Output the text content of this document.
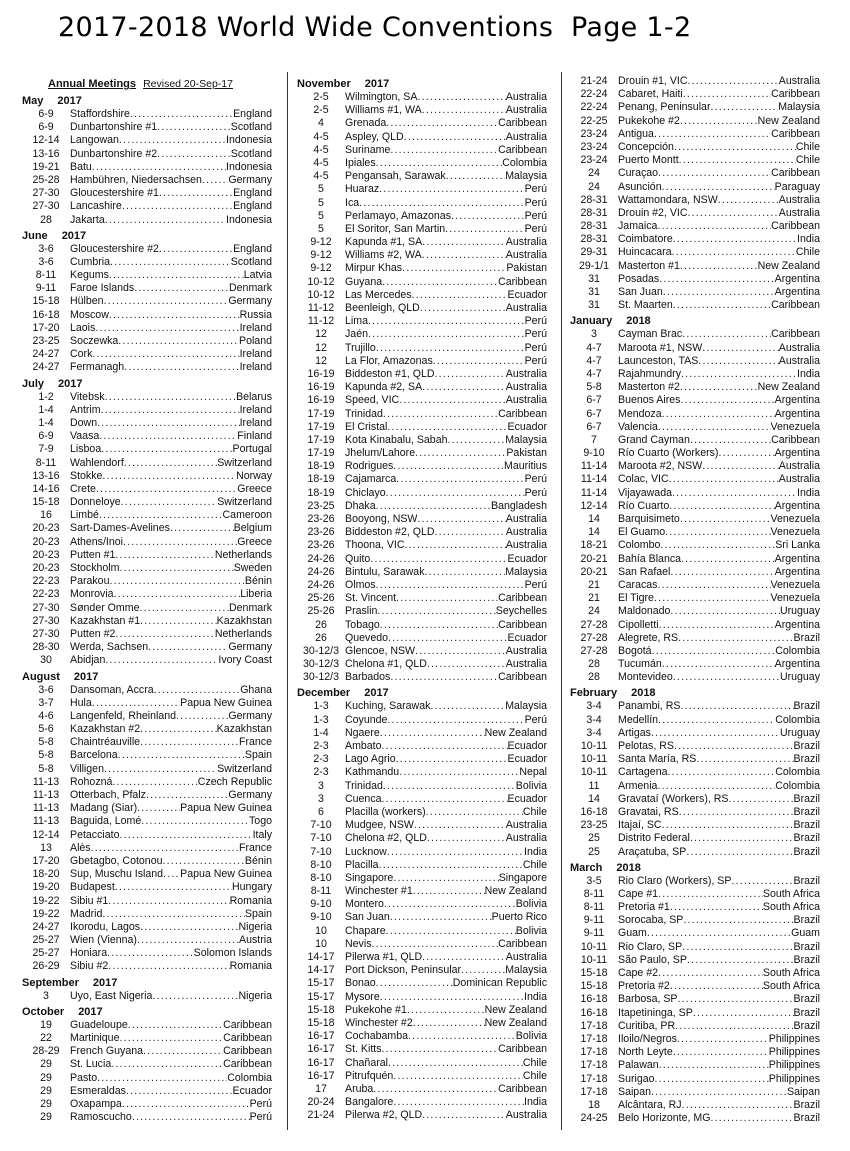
2017-2018 World Wide Conventions  Page 1-2
Annual Meetings Revised 20-Sep-17
May 2017
6-9	Staffordshire .....	England
6-9	Dunbartonshire #1 .....	Scotland
12-14 Langowan .....	Indonesia
13-16 Dunbartonshire #2 .....	Scotland
19-21 Batu .....	Indonesia
25-28 Hambühren, Niedersachsen .....	Germany
27-30 Gloucestershire #1 .....	England
27-30 Lancashire .....	England
28	Jakarta .....	Indonesia
June 2017
3-6	Gloucestershire #2 .....	England
3-6	Cumbria .....	Scotland
8-11	Kegums .....	Latvia
9-11	Faroe Islands .....	Denmark
15-18 Hülben .....	Germany
16-18 Moscow .....	Russia
17-20 Laois .....	Ireland
23-25 Soczewka .....	Poland
24-27 Cork .....	Ireland
24-27 Fermanagh .....	Ireland
July 2017
1-2	Vitebsk .....	Belarus
1-4	Antrim .....	Ireland
1-4	Down .....	Ireland
6-9	Vaasa .....	Finland
7-9	Lisboa .....	Portugal
8-11	Wahlendorf .....	Switzerland
13-16 Stokke .....	Norway
14-16 Crete .....	Greece
15-18 Donneloye .....	Switzerland
16	Limbé .....	Cameroon
20-23 Sart-Dames-Avelines .....	Belgium
20-23 Athens/Inoi .....	Greece
20-23 Putten #1 .....	Netherlands
20-23 Stockholm .....	Sweden
22-23 Parakou .....	Bénin
22-23 Monrovia .....	Liberia
27-30 Sønder Omme .....	Denmark
27-30 Kazakhstan #1 .....	Kazakhstan
27-30 Putten #2 .....	Netherlands
28-30 Werda, Sachsen .....	Germany
30	Abidjan .....	Ivory Coast
August 2017
3-6	Dansoman, Accra .....	Ghana
3-7	Hula .....	Papua New Guinea
4-6	Langenfeld, Rheinland .....	Germany
5-6	Kazakhstan #2 .....	Kazakhstan
5-8	Chaintréauville .....	France
5-8	Barcelona .....	Spain
5-8	Villigen .....	Switzerland
11-13	Rohozná .....	Czech Republic
11-13	Otterbach, Pfalz .....	Germany
11-13	Madang (Siar) .....	Papua New Guinea
11-13	Baguida, Lomé .....	Togo
12-14 Petacciato .....	Italy
13	Alès .....	France
17-20 Gbetagbo, Cotonou .....	Bénin
18-20 Sup, Muschu Island ..... Papua New Guinea
19-20 Budapest .....	Hungary
19-22 Sibiu #1 .....	Romania
19-22 Madrid .....	Spain
24-27 Ikorodu, Lagos .....	Nigeria
25-27 Wien (Vienna) .....	Austria
25-27 Honiara .....	Solomon Islands
26-29 Sibiu #2 .....	Romania
September 2017
3	Uyo, East Nigeria .....	Nigeria
October 2017
19	Guadeloupe .....	Caribbean
22	Martinique .....	Caribbean
28-29 French Guyana .....	Caribbean
29	St. Lucia .....	Caribbean
29	Pasto .....	Colombia
29	Esmeraldas .....	Ecuador
29	Oxapampa .....	Perú
29	Ramoscucho .....	Perú
November 2017
2-5	Wilmington, SA .....	Australia
2-5	Williams #1, WA .....	Australia
4	Grenada .....	Caribbean
4-5	Aspley, QLD .....	Australia
4-5	Suriname .....	Caribbean
4-5	Ipiales .....	Colombia
4-5	Pengansah, Sarawak .....	Malaysia
5	Huaraz .....	Perú
5	Ica .....	Perú
5	Perlamayo, Amazonas .....	Perú
5	El Soritor, San Martin .....	Perú
9-12	Kapunda #1, SA .....	Australia
9-12	Williams #2, WA .....	Australia
9-12	Mirpur Khas .....	Pakistan
10-12 Guyana .....	Caribbean
10-12 Las Mercedes .....	Ecuador
11-12	Beenleigh, QLD .....	Australia
11-12	Lima .....	Perú
12	Jaén .....	Perú
12	Trujillo .....	Perú
12	La Flor, Amazonas .....	Perú
16-19 Biddeston #1, QLD .....	Australia
16-19 Kapunda #2, SA .....	Australia
16-19 Speed, VIC .....	Australia
17-19 Trinidad .....	Caribbean
17-19 El Cristal .....	Ecuador
17-19 Kota Kinabalu, Sabah .....	Malaysia
17-19 Jhelum/Lahore .....	Pakistan
18-19 Rodrigues .....	Mauritius
18-19 Cajamarca .....	Perú
18-19 Chiclayo .....	Perú
23-25 Dhaka .....	Bangladesh
23-26 Booyong, NSW .....	Australia
23-26 Biddeston #2, QLD .....	Australia
23-26 Thoona, VIC .....	Australia
24-26 Quito .....	Ecuador
24-26 Bintulu, Sarawak .....	Malaysia
24-26 Olmos .....	Perú
25-26 St. Vincent .....	Caribbean
25-26 Praslin .....	Seychelles
26	Tobago .....	Caribbean
26	Quevedo .....	Ecuador
30-12/3 Glencoe, NSW .....	Australia
30-12/3 Chelona #1, QLD .....	Australia
30-12/3 Barbados .....	Caribbean
December 2017
1-3	Kuching, Sarawak .....	Malaysia
1-3	Coyunde .....	Perú
1-4	Ngaere .....	New Zealand
2-3	Ambato .....	Ecuador
2-3	Lago Agrio .....	Ecuador
2-3	Kathmandu .....	Nepal
3	Trinidad .....	Bolivia
3	Cuenca .....	Ecuador
6	Placilla (workers) .....	Chile
7-10	Mudgee, NSW .....	Australia
7-10	Chelona #2, QLD .....	Australia
7-10	Lucknow .....	India
8-10	Placilla .....	Chile
8-10	Singapore .....	Singapore
8-11	Winchester #1 .....	New Zealand
9-10	Montero .....	Bolivia
9-10	San Juan .....	Puerto Rico
10	Chapare .....	Bolivia
10	Nevis .....	Caribbean
14-17 Pilerwa #1, QLD .....	Australia
14-17 Port Dickson, Peninsular .....	Malaysia
15-17 Bonao .....	Dominican Republic
15-17 Mysore .....	India
15-18 Pukekohe #1 .....	New Zealand
15-18 Winchester #2 .....	New Zealand
16-17 Cochabamba .....	Bolivia
16-17 St. Kitts .....	Caribbean
16-17 Chañaral .....	Chile
16-17 Pitrufquén .....	Chile
17	Aruba .....	Caribbean
20-24 Bangalore .....	India
21-24 Pilerwa #2, QLD .....	Australia
21-24 Drouin #1, VIC .....	Australia
22-24 Cabaret, Haiti .....	Caribbean
22-24 Penang, Peninsular .....	Malaysia
22-25 Pukekohe #2 .....	New Zealand
23-24 Antigua .....	Caribbean
23-24 Concepción .....	Chile
23-24 Puerto Montt .....	Chile
24	Curaçao .....	Caribbean
24	Asunción .....	Paraguay
28-31 Wattamondara, NSW .....	Australia
28-31 Drouin #2, VIC .....	Australia
28-31 Jamaica .....	Caribbean
28-31 Coimbatore .....	India
29-31 Huincacara .....	Chile
29-1/1 Masterton #1 .....	New Zealand
31	Posadas .....	Argentina
31	San Juan .....	Argentina
31	St. Maarten .....	Caribbean
January 2018
3	Cayman Brac .....	Caribbean
4-7	Maroota #1, NSW .....	Australia
4-7	Launceston, TAS .....	Australia
4-7	Rajahmundry .....	India
5-8	Masterton #2 .....	New Zealand
6-7	Buenos Aires .....	Argentina
6-7	Mendoza .....	Argentina
6-7	Valencia .....	Venezuela
7	Grand Cayman .....	Caribbean
9-10	Río Cuarto (Workers) .....	Argentina
11-14	Maroota #2, NSW .....	Australia
11-14	Colac, VIC .....	Australia
11-14	Vijayawada .....	India
12-14 Río Cuarto .....	Argentina
14	Barquisimeto .....	Venezuela
14	El Guamo .....	Venezuela
18-21 Colombo .....	Sri Lanka
20-21 Bahía Blanca .....	Argentina
20-21 San Rafael .....	Argentina
21	Caracas .....	Venezuela
21	El Tigre .....	Venezuela
24	Maldonado .....	Uruguay
27-28 Cipolletti .....	Argentina
27-28 Alegrete, RS .....	Brazil
27-28 Bogotá .....	Colombia
28	Tucumán .....	Argentina
28	Montevideo .....	Uruguay
February 2018
3-4	Panambi, RS .....	Brazil
3-4	Medellín .....	Colombia
3-4	Artigas .....	Uruguay
10-11	Pelotas, RS .....	Brazil
10-11	Santa María, RS .....	Brazil
10-11	Cartagena .....	Colombia
11	Armenia .....	Colombia
14	Gravataí (Workers), RS .....	Brazil
16-18 Gravatai, RS .....	Brazil
23-25 Itajaí, SC .....	Brazil
25	Distrito Federal .....	Brazil
25	Araçatuba, SP .....	Brazil
March 2018
3-5	Rio Claro (Workers), SP .....	Brazil
8-11	Cape #1 .....	South Africa
8-11	Pretoria #1 .....	South Africa
9-11	Sorocaba, SP .....	Brazil
9-11	Guam .....	Guam
10-11	Rio Claro, SP .....	Brazil
10-11	São Paulo, SP .....	Brazil
15-18 Cape #2 .....	South Africa
15-18 Pretoria #2 .....	South Africa
16-18 Barbosa, SP .....	Brazil
16-18 Itapetininga, SP .....	Brazil
17-18 Curitiba, PR .....	Brazil
17-18 Iloilo/Negros .....	Philippines
17-18 North Leyte .....	Philippines
17-18 Palawan .....	Philippines
17-18 Surigao .....	Philippines
17-18 Saipan .....	Saipan
18	Alcântara, RJ .....	Brazil
24-25 Belo Horizonte, MG .....	Brazil
